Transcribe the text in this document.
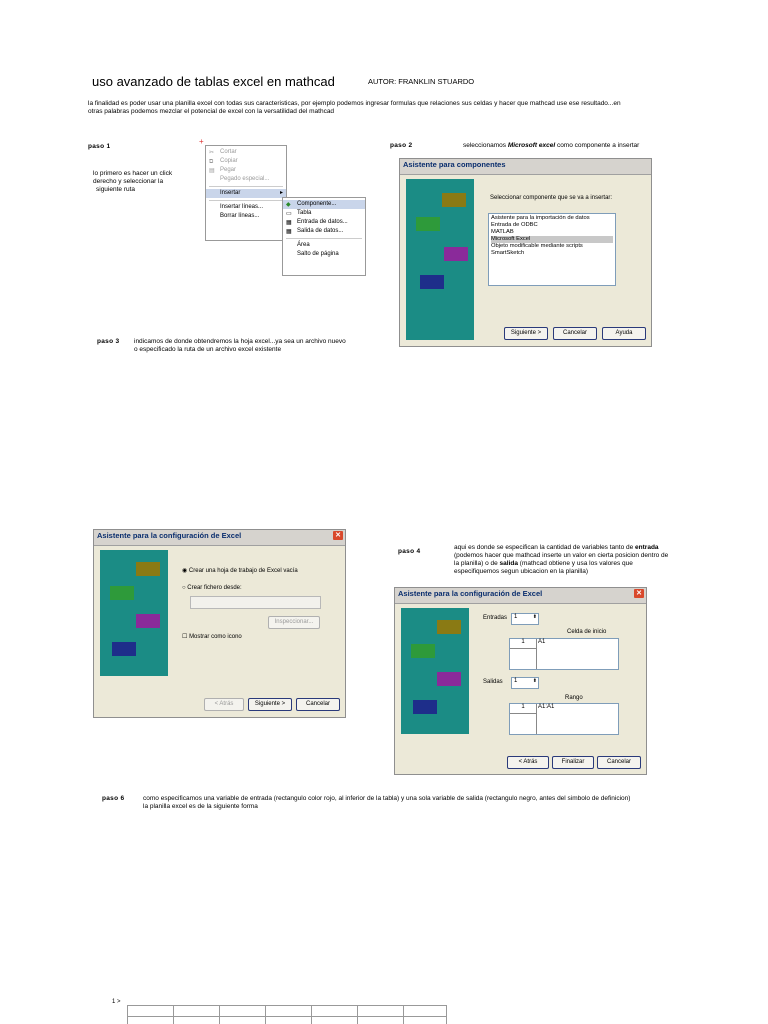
uso avanzado de tablas excel en mathcad	AUTOR: FRANKLIN STUARDO
la finalidad es poder usar una planilla excel con todas sus caracteristicas, por ejemplo podemos ingresar formulas que relaciones sus celdas y hacer que mathcad use ese resultado...en
otras palabras podemos mezclar el potencial de excel con la versatilidad del mathcad
paso 1
lo primero es hacer un click
derecho y seleccionar la
siguiente ruta
+
✂ Cortar
⧉ Copiar
▤ Pegar
Pegado especial...
Insertar	▸
Insertar líneas...
Borrar líneas...
◆ Componente...
▭ Tabla
▦ Entrada de datos...
▦ Salida de datos...
Área
Salto de página
paso 2	seleccionamos Microsoft excel como componente a insertar
Asistente para componentes
Seleccionar componente que se va a insertar:
Asistente para la importación de datos
Entrada de ODBC
MATLAB
Microsoft Excel
Objeto modificable mediante scripts
SmartSketch
Siguiente >	Cancelar	Ayuda
paso 3 indicamos de donde obtendremos la hoja excel...ya sea un archivo nuevo
o especificado la ruta de un archivo excel existente
Asistente para la configuración de Excel	✕
◉ Crear una hoja de trabajo de Excel vacía
○ Crear fichero desde:
Inspeccionar...
☐ Mostrar como icono
< Atrás	Siguiente >	Cancelar
paso 4
aqui es donde se especifican la cantidad de variables tanto de entrada
(podemos hacer que mathcad inserte un valor en cierta posicion dentro de
la planilla) o de salida (mathcad obtiene y usa los valores que
especifiquemos segun ubicacion en la planilla)
Asistente para la configuración de Excel	✕
Entradas	1	⬍
Celda de inicio
1	A1
Salidas	1	⬍
Rango
1	A1:A1
< Atrás	Finalizar	Cancelar
paso 6	como especificamos una variable de entrada (rectangulo color rojo, al inferior de la tabla) y una sola variable de salida (rectangulo negro, antes del simbolo de definicion)
la planilla excel es de la siguiente forma
1 >
